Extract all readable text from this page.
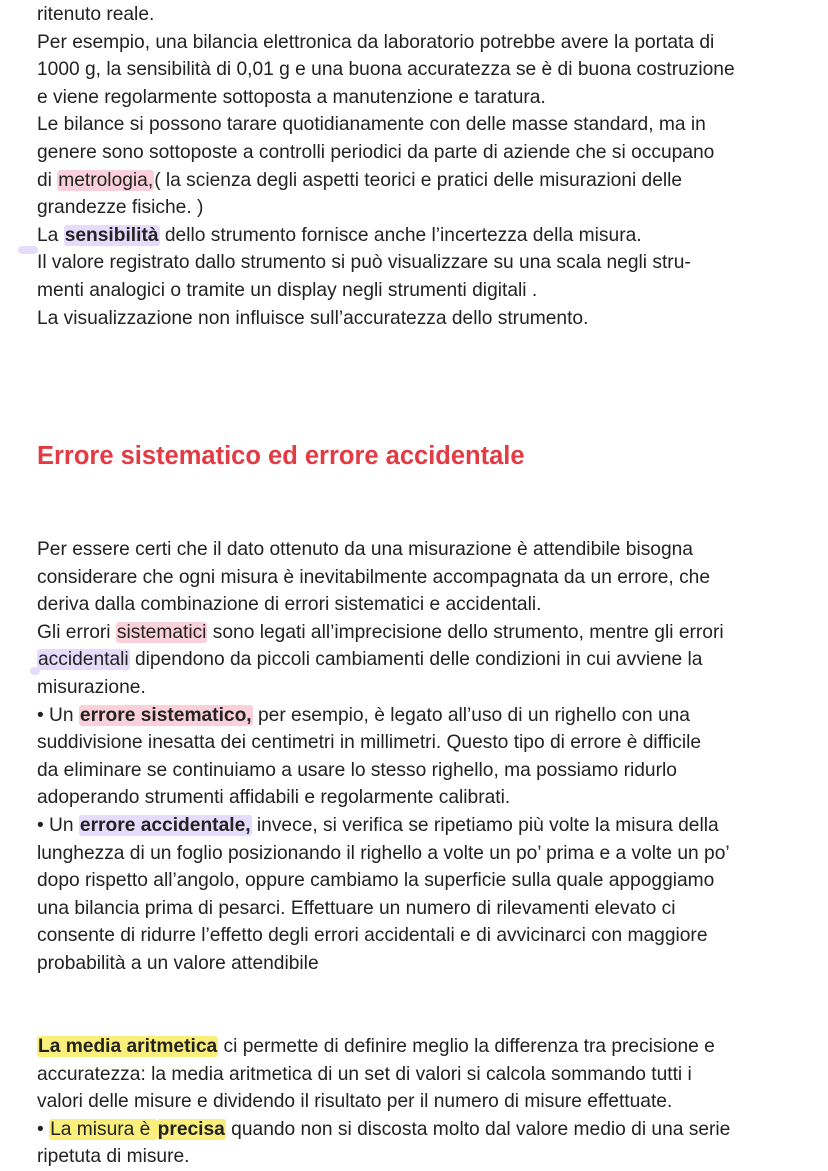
ritenuto reale.
Per esempio, una bilancia elettronica da laboratorio potrebbe avere la portata di
1000 g, la sensibilità di 0,01 g e una buona accuratezza se è di buona costruzione
e viene regolarmente sottoposta a manutenzione e taratura.
Le bilance si possono tarare quotidianamente con delle masse standard, ma in
genere sono sottoposte a controlli periodici da parte di aziende che si occupano
di metrologia,( la scienza degli aspetti teorici e pratici delle misurazioni delle
grandezze fisiche. )
La sensibilità dello strumento fornisce anche l’incertezza della misura.
Il valore registrato dallo strumento si può visualizzare su una scala negli stru-
menti analogici o tramite un display negli strumenti digitali .
La visualizzazione non influisce sull’accuratezza dello strumento.
Errore sistematico ed errore accidentale
Per essere certi che il dato ottenuto da una misurazione è attendibile bisogna
considerare che ogni misura è inevitabilmente accompagnata da un errore, che
deriva dalla combinazione di errori sistematici e accidentali.
Gli errori sistematici sono legati all’imprecisione dello strumento, mentre gli errori
accidentali dipendono da piccoli cambiamenti delle condizioni in cui avviene la
misurazione.
• Un errore sistematico, per esempio, è legato all’uso di un righello con una
suddivisione inesatta dei centimetri in millimetri. Questo tipo di errore è difficile
da eliminare se continuiamo a usare lo stesso righello, ma possiamo ridurlo
adoperando strumenti affidabili e regolarmente calibrati.
• Un errore accidentale, invece, si verifica se ripetiamo più volte la misura della
lunghezza di un foglio posizionando il righello a volte un po’ prima e a volte un po’
dopo rispetto all’angolo, oppure cambiamo la superficie sulla quale appoggiamo
una bilancia prima di pesarci. Effettuare un numero di rilevamenti elevato ci
consente di ridurre l’effetto degli errori accidentali e di avvicinarci con maggiore
probabilità a un valore attendibile
La media aritmetica ci permette di definire meglio la differenza tra precisione e
accuratezza: la media aritmetica di un set di valori si calcola sommando tutti i
valori delle misure e dividendo il risultato per il numero di misure effettuate.
• La misura è precisa quando non si discosta molto dal valore medio di una serie
ripetuta di misure.
